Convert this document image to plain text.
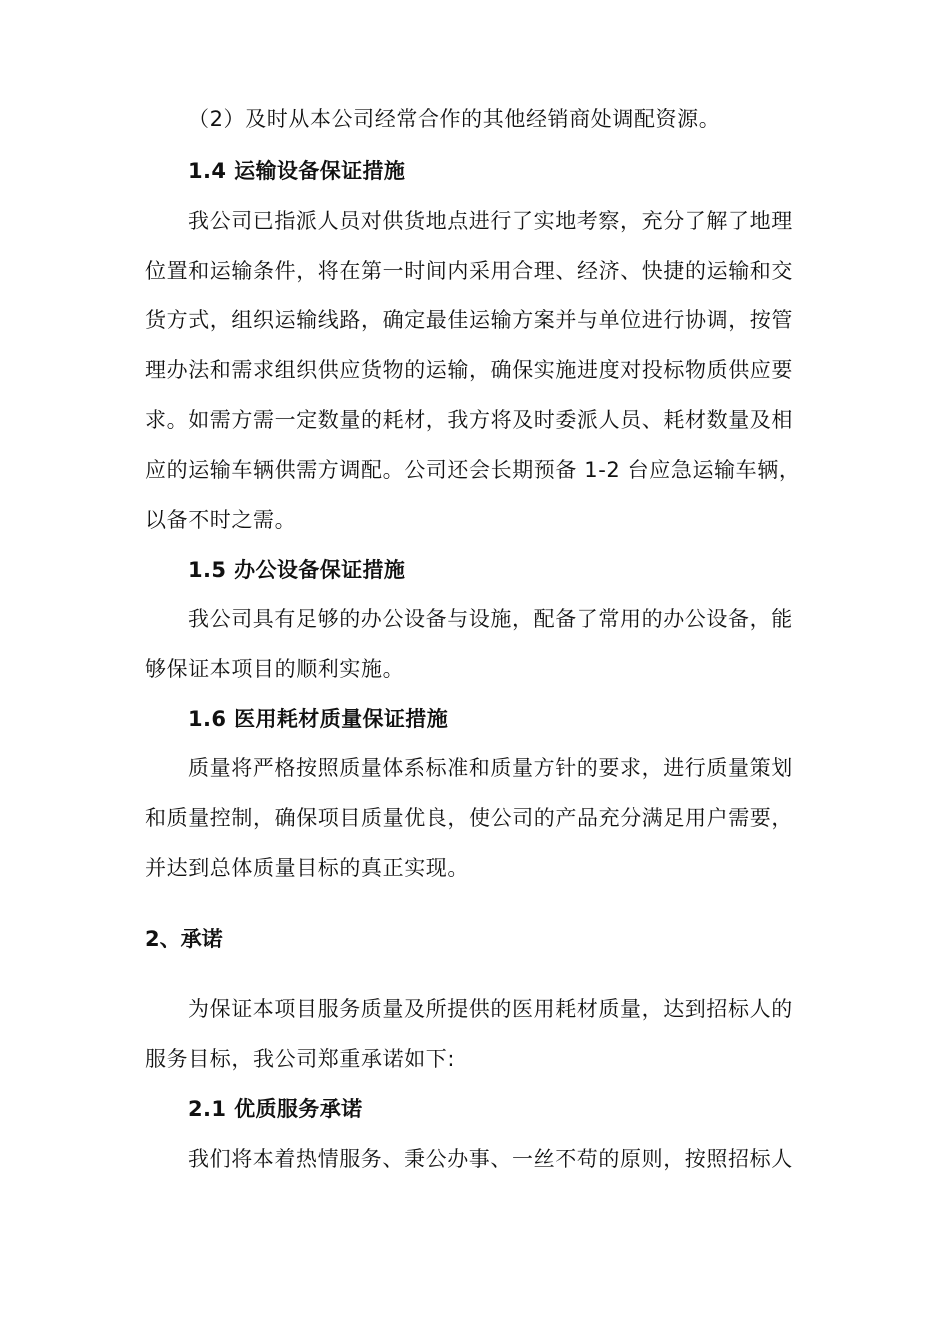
（2）及时从本公司经常合作的其他经销商处调配资源。
1.4 运输设备保证措施
我公司已指派人员对供货地点进行了实地考察，充分了解了地理
位置和运输条件，将在第一时间内采用合理、经济、快捷的运输和交
货方式，组织运输线路，确定最佳运输方案并与单位进行协调，按管
理办法和需求组织供应货物的运输，确保实施进度对投标物质供应要
求。如需方需一定数量的耗材，我方将及时委派人员、耗材数量及相
应的运输车辆供需方调配。公司还会长期预备 1-2 台应急运输车辆，
以备不时之需。
1.5 办公设备保证措施
我公司具有足够的办公设备与设施，配备了常用的办公设备，能
够保证本项目的顺利实施。
1.6 医用耗材质量保证措施
质量将严格按照质量体系标准和质量方针的要求，进行质量策划
和质量控制，确保项目质量优良，使公司的产品充分满足用户需要，
并达到总体质量目标的真正实现。
2、承诺
为保证本项目服务质量及所提供的医用耗材质量，达到招标人的
服务目标，我公司郑重承诺如下:
2.1 优质服务承诺
我们将本着热情服务、秉公办事、一丝不苟的原则，按照招标人
